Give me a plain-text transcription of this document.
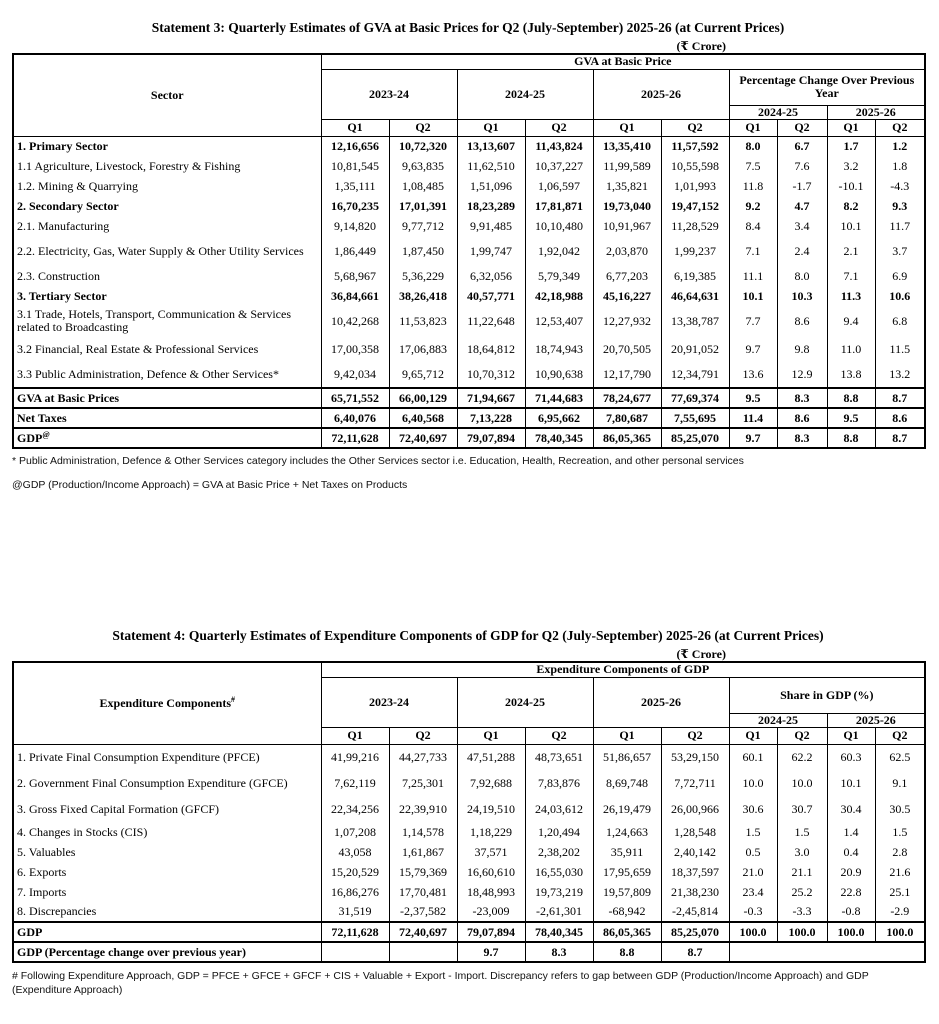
Statement 3: Quarterly Estimates of GVA at Basic Prices for Q2 (July-September) 2025-26 (at Current Prices)
(₹ Crore)
Sector	GVA at Basic Price									
	2023-24		2024-25		2025-26		Percentage Change Over Previous Year			
							2024-25		2025-26	
	Q1	Q2	Q1	Q2	Q1	Q2	Q1	Q2	Q1	Q2
1. Primary Sector	12,16,656	10,72,320	13,13,607	11,43,824	13,35,410	11,57,592	8.0	6.7	1.7	1.2
1.1 Agriculture, Livestock, Forestry & Fishing	10,81,545	9,63,835	11,62,510	10,37,227	11,99,589	10,55,598	7.5	7.6	3.2	1.8
1.2. Mining & Quarrying	1,35,111	1,08,485	1,51,096	1,06,597	1,35,821	1,01,993	11.8	-1.7	-10.1	-4.3
2. Secondary Sector	16,70,235	17,01,391	18,23,289	17,81,871	19,73,040	19,47,152	9.2	4.7	8.2	9.3
2.1. Manufacturing	9,14,820	9,77,712	9,91,485	10,10,480	10,91,967	11,28,529	8.4	3.4	10.1	11.7
2.2. Electricity, Gas, Water Supply & Other Utility Services	1,86,449	1,87,450	1,99,747	1,92,042	2,03,870	1,99,237	7.1	2.4	2.1	3.7
2.3. Construction	5,68,967	5,36,229	6,32,056	5,79,349	6,77,203	6,19,385	11.1	8.0	7.1	6.9
3. Tertiary Sector	36,84,661	38,26,418	40,57,771	42,18,988	45,16,227	46,64,631	10.1	10.3	11.3	10.6
3.1 Trade, Hotels, Transport, Communication & Services related to Broadcasting	10,42,268	11,53,823	11,22,648	12,53,407	12,27,932	13,38,787	7.7	8.6	9.4	6.8
3.2 Financial, Real Estate & Professional Services	17,00,358	17,06,883	18,64,812	18,74,943	20,70,505	20,91,052	9.7	9.8	11.0	11.5
3.3 Public Administration, Defence & Other Services*	9,42,034	9,65,712	10,70,312	10,90,638	12,17,790	12,34,791	13.6	12.9	13.8	13.2
GVA at Basic Prices	65,71,552	66,00,129	71,94,667	71,44,683	78,24,677	77,69,374	9.5	8.3	8.8	8.7
Net Taxes	6,40,076	6,40,568	7,13,228	6,95,662	7,80,687	7,55,695	11.4	8.6	9.5	8.6
GDP@	72,11,628	72,40,697	79,07,894	78,40,345	86,05,365	85,25,070	9.7	8.3	8.8	8.7
* Public Administration, Defence & Other Services category includes the Other Services sector i.e. Education, Health, Recreation, and other personal services
@GDP (Production/Income Approach) = GVA at Basic Price + Net Taxes on Products
Statement 4: Quarterly Estimates of Expenditure Components of GDP for Q2 (July-September) 2025-26 (at Current Prices)
(₹ Crore)
Expenditure Components#	Expenditure Components of GDP									
	2023-24		2024-25		2025-26		Share in GDP (%)			
							2024-25		2025-26	
	Q1	Q2	Q1	Q2	Q1	Q2	Q1	Q2	Q1	Q2
1. Private Final Consumption Expenditure (PFCE)	41,99,216	44,27,733	47,51,288	48,73,651	51,86,657	53,29,150	60.1	62.2	60.3	62.5
2. Government Final Consumption Expenditure (GFCE)	7,62,119	7,25,301	7,92,688	7,83,876	8,69,748	7,72,711	10.0	10.0	10.1	9.1
3. Gross Fixed Capital Formation (GFCF)	22,34,256	22,39,910	24,19,510	24,03,612	26,19,479	26,00,966	30.6	30.7	30.4	30.5
4. Changes in Stocks (CIS)	1,07,208	1,14,578	1,18,229	1,20,494	1,24,663	1,28,548	1.5	1.5	1.4	1.5
5. Valuables	43,058	1,61,867	37,571	2,38,202	35,911	2,40,142	0.5	3.0	0.4	2.8
6. Exports	15,20,529	15,79,369	16,60,610	16,55,030	17,95,659	18,37,597	21.0	21.1	20.9	21.6
7. Imports	16,86,276	17,70,481	18,48,993	19,73,219	19,57,809	21,38,230	23.4	25.2	22.8	25.1
8. Discrepancies	31,519	-2,37,582	-23,009	-2,61,301	-68,942	-2,45,814	-0.3	-3.3	-0.8	-2.9
GDP	72,11,628	72,40,697	79,07,894	78,40,345	86,05,365	85,25,070	100.0	100.0	100.0	100.0
GDP (Percentage change over previous year)			9.7	8.3	8.8	8.7				
# Following Expenditure Approach, GDP = PFCE + GFCE + GFCF + CIS + Valuable + Export - Import. Discrepancy refers to gap between GDP (Production/Income Approach) and GDP (Expenditure Approach)
